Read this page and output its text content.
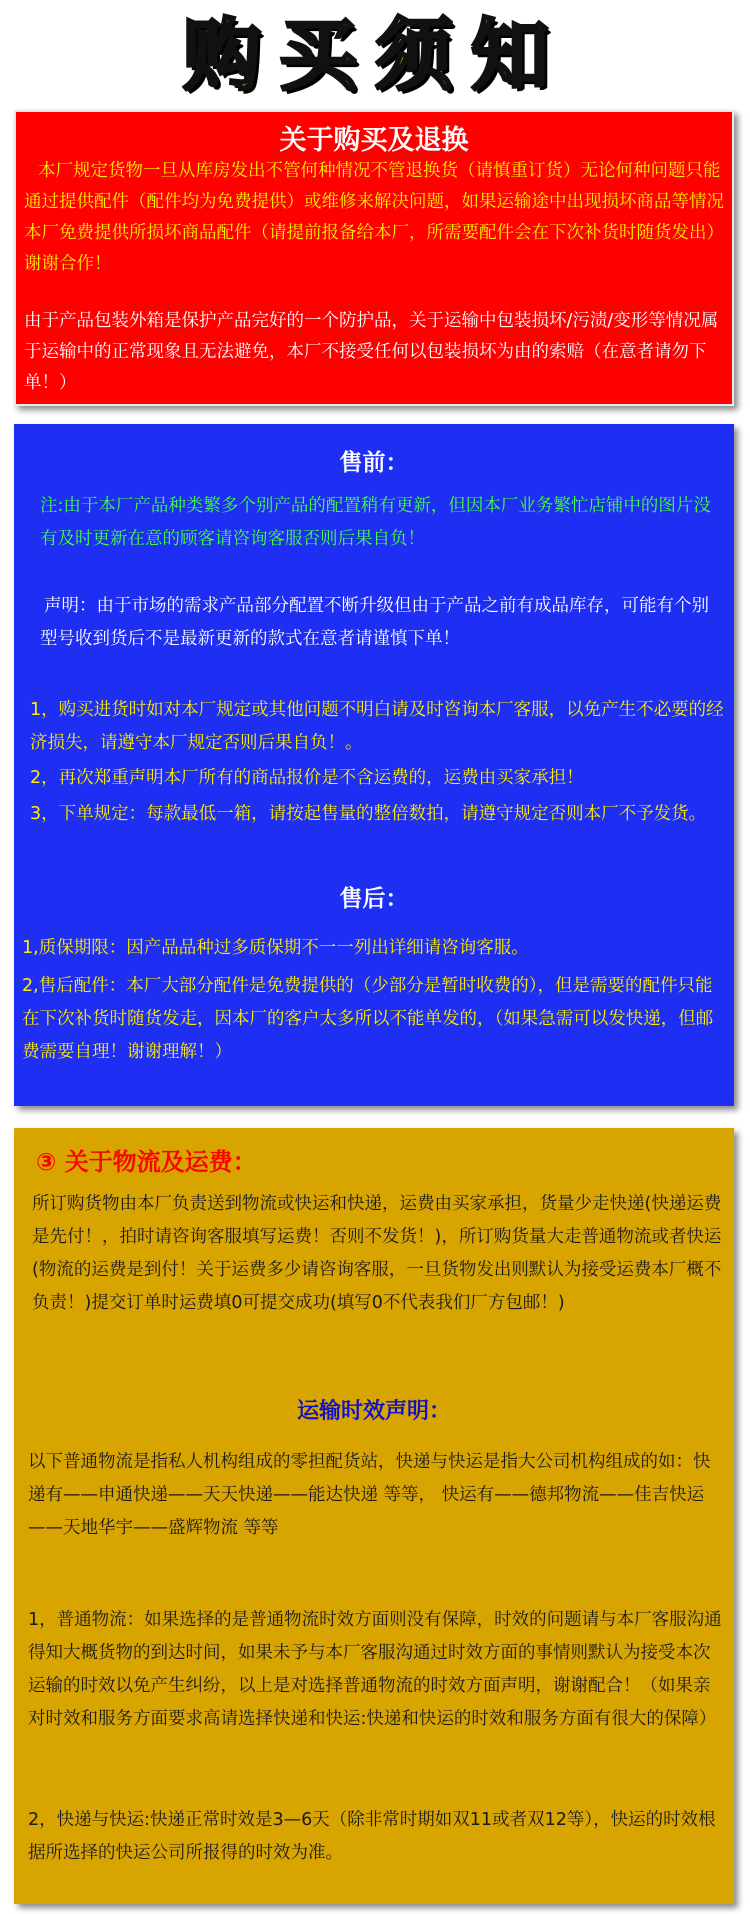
购买须知
关于购买及退换

本厂规定货物一旦从库房发出不管何种情况不管退换货（请慎重订货）无论何种问题只能通过提供配件（配件均为免费提供）或维修来解决问题，如果运输途中出现损坏商品等情况本厂免费提供所损坏商品配件（请提前报备给本厂，所需要配件会在下次补货时随货发出）谢谢合作！

由于产品包装外箱是保护产品完好的一个防护品，关于运输中包装损坏/污渍/变形等情况属于运输中的正常现象且无法避免，本厂不接受任何以包装损坏为由的索赔（在意者请勿下单！）

售前：

注:由于本厂产品种类繁多个别产品的配置稍有更新，但因本厂业务繁忙店铺中的图片没有及时更新在意的顾客请咨询客服否则后果自负！

声明：由于市场的需求产品部分配置不断升级但由于产品之前有成品库存，可能有个别型号收到货后不是最新更新的款式在意者请谨慎下单！

1，购买进货时如对本厂规定或其他问题不明白请及时咨询本厂客服，以免产生不必要的经济损失，请遵守本厂规定否则后果自负！。

2，再次郑重声明本厂所有的商品报价是不含运费的，运费由买家承担！

3，下单规定：每款最低一箱，请按起售量的整倍数拍，请遵守规定否则本厂不予发货。

售后：

1,质保期限：因产品品种过多质保期不一一列出详细请咨询客服。

2,售后配件：本厂大部分配件是免费提供的（少部分是暂时收费的），但是需要的配件只能在下次补货时随货发走，因本厂的客户太多所以不能单发的，（如果急需可以发快递，但邮费需要自理！谢谢理解！）

③ 关于物流及运费：

所订购货物由本厂负责送到物流或快运和快递，运费由买家承担，货量少走快递(快递运费是先付！，拍时请咨询客服填写运费！否则不发货！)，所订购货量大走普通物流或者快运(物流的运费是到付！关于运费多少请咨询客服，一旦货物发出则默认为接受运费本厂概不负责！)提交订单时运费填0可提交成功(填写0不代表我们厂方包邮！)

运输时效声明：

以下普通物流是指私人机构组成的零担配货站，快递与快运是指大公司机构组成的如：快递有——申通快递——天天快递——能达快递 等等， 快运有——德邦物流——佳吉快运——天地华宇——盛辉物流 等等

1，普通物流：如果选择的是普通物流时效方面则没有保障，时效的问题请与本厂客服沟通得知大概货物的到达时间，如果未予与本厂客服沟通过时效方面的事情则默认为接受本次运输的时效以免产生纠纷，以上是对选择普通物流的时效方面声明，谢谢配合！（如果亲对时效和服务方面要求高请选择快递和快运:快递和快运的时效和服务方面有很大的保障）

2，快递与快运:快递正常时效是3—6天（除非常时期如双11或者双12等），快运的时效根据所选择的快运公司所报得的时效为准。
